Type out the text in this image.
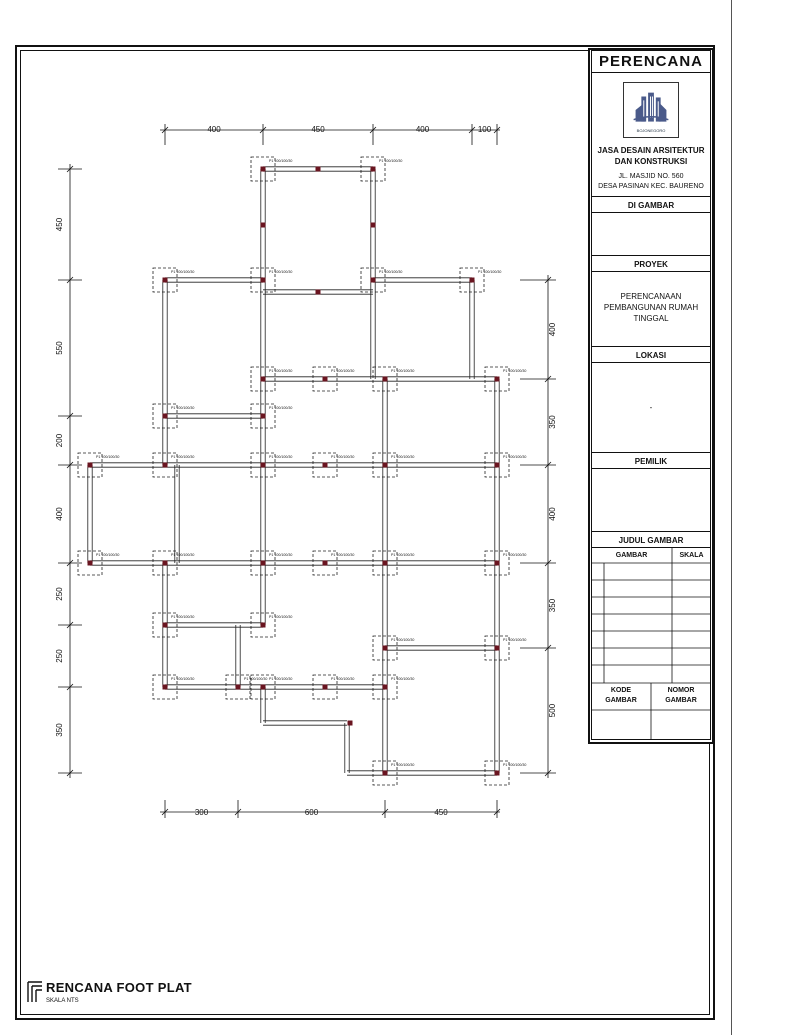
P1 100/100/30	P1 100/100/30
P1 100/100/30	P1 100/100/30	P1 100/100/30	P1 100/100/30
P1 100/100/30	P1 100/100/30	P1 100/100/30	P1 100/100/30
P1 100/100/30	P1 100/100/30
P1 100/100/30	P1 100/100/30	P1 100/100/30	P1 100/100/30	P1 100/100/30	P1 100/100/30
P1 100/100/30	P1 100/100/30	P1 100/100/30	P1 100/100/30	P1 100/100/30	P1 100/100/30
P1 100/100/30	P1 100/100/30
P1 100/100/30	P1 100/100/30
P1 100/100/30	P1 100/100/30 P1 100/100/30	P1 100/100/30	P1 100/100/30
P1 100/100/30	P1 100/100/30
400	450	400	100
300	600	450
450
550
200
400
250
250
350
400
350
400
350
500
PERENCANA
BOJONEGORO
JASA DESAIN ARSITEKTUR
DAN KONSTRUKSI
JL. MASJID NO. 560
DESA PASINAN KEC. BAURENO
DI GAMBAR
PROYEK
PERENCANAAN
PEMBANGUNAN RUMAH
TINGGAL
LOKASI
-
PEMILIK
JUDUL GAMBAR
GAMBAR	SKALA
KODE
GAMBAR
NOMOR
GAMBAR
RENCANA FOOT PLAT
SKALA NTS
